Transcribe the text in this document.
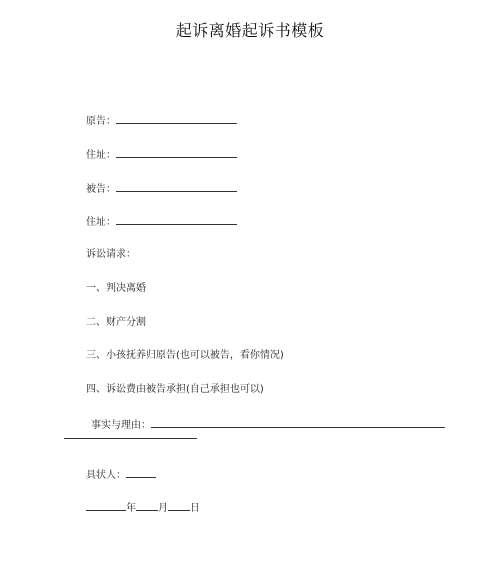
起诉离婚起诉书模板
原告：
住址：
被告：
住址：
诉讼请求：
一、判决离婚
二、财产分割
三、小孩抚养归原告(也可以被告，看你情况)
四、诉讼费由被告承担(自己承担也可以)
事实与理由：
具状人：
年 月 日
